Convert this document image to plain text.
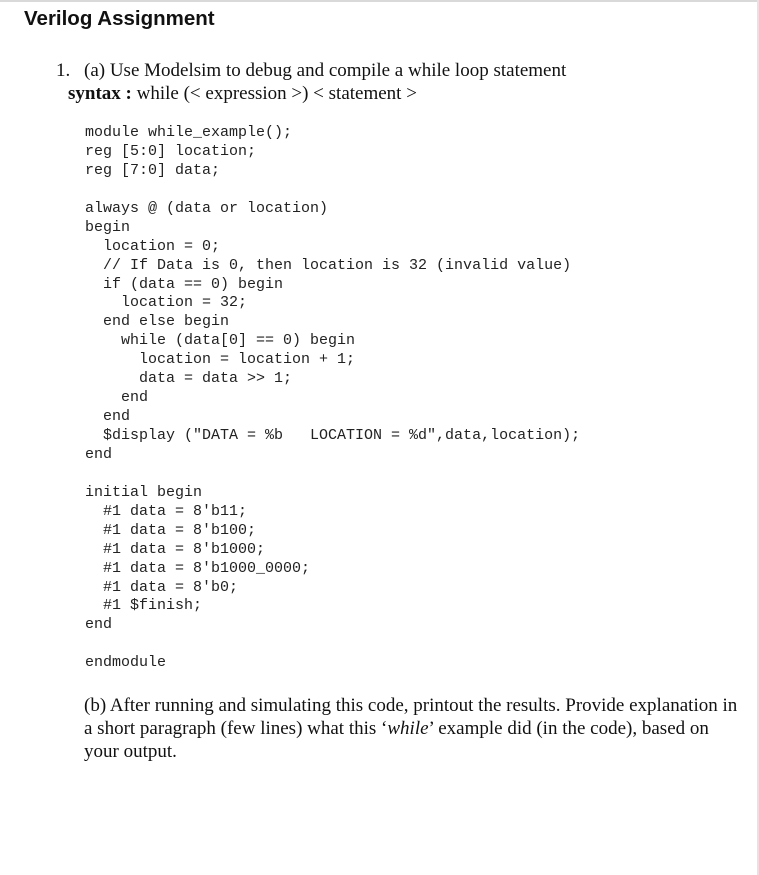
Verilog Assignment
1. (a) Use Modelsim to debug and compile a while loop statement
syntax : while (< expression >) < statement >
module while_example();
reg [5:0] location;
reg [7:0] data;
always @ (data or location)
begin
location = 0;
// If Data is 0, then location is 32 (invalid value)
if (data == 0) begin
location = 32;
end else begin
while (data[0] == 0) begin
location = location + 1;
data = data >> 1;
end
end
$display ("DATA = %b   LOCATION = %d",data,location);
end
initial begin
#1 data = 8'b11;
#1 data = 8'b100;
#1 data = 8'b1000;
#1 data = 8'b1000_0000;
#1 data = 8'b0;
#1 $finish;
end
endmodule
(b) After running and simulating this code, printout the results. Provide explanation in a short paragraph (few lines) what this ‘while’ example did (in the code), based on your output.
